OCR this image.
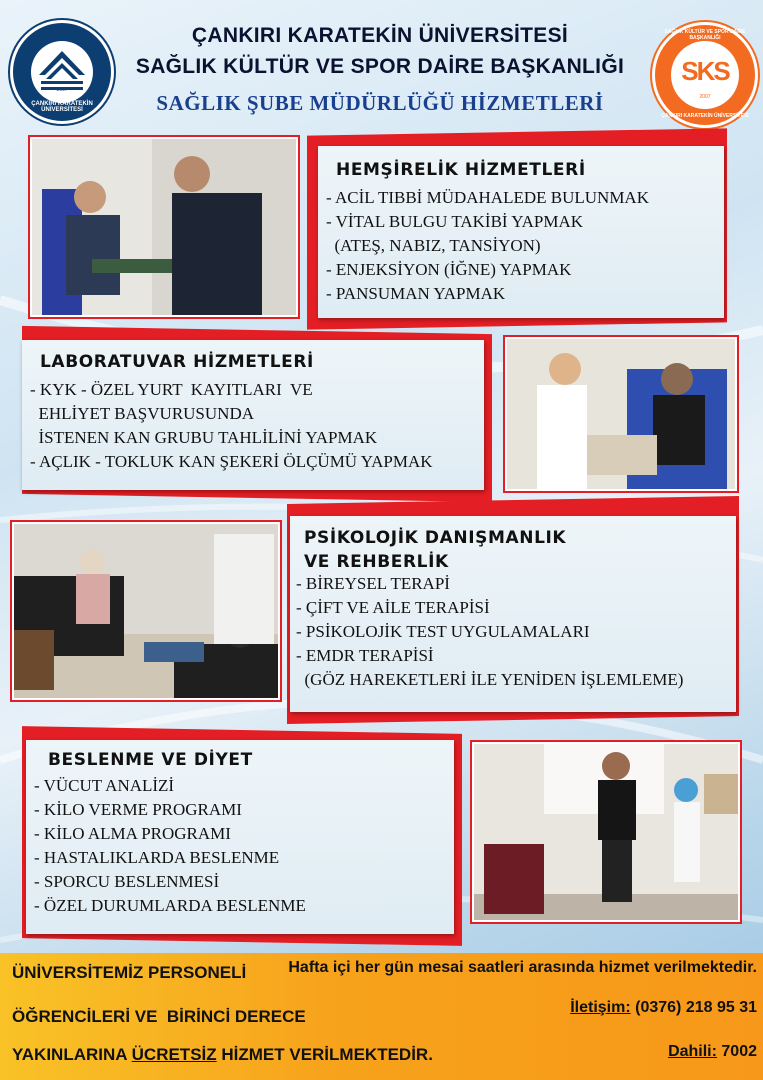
2007
ÇANKIRI KARATEKİN ÜNİVERSİTESİ
SAĞLIK KÜLTÜR VE SPOR DAİRE BAŞKANLIĞI
SKS
2007
ÇANKIRI KARATEKİN ÜNİVERSİTESİ
ÇANKIRI KARATEKİN ÜNİVERSİTESİ
SAĞLIK KÜLTÜR VE SPOR DAİRE BAŞKANLIĞI
SAĞLIK ŞUBE MÜDÜRLÜĞÜ HİZMETLERİ
HEMŞİRELİK HİZMETLERİ
- ACİL TIBBİ MÜDAHALEDE BULUNMAK
- VİTAL BULGU TAKİBİ YAPMAK
(ATEŞ, NABIZ, TANSİYON)
- ENJEKSİYON (İĞNE) YAPMAK
- PANSUMAN YAPMAK
LABORATUVAR HİZMETLERİ
- KYK - ÖZEL YURT  KAYITLARI  VE
EHLİYET BAŞVURUSUNDA
İSTENEN KAN GRUBU TAHLİLİNİ YAPMAK
- AÇLIK - TOKLUK KAN ŞEKERİ ÖLÇÜMÜ YAPMAK
PSİKOLOJİK DANIŞMANLIK
VE REHBERLİK
- BİREYSEL TERAPİ
- ÇİFT VE AİLE TERAPİSİ
- PSİKOLOJİK TEST UYGULAMALARI
- EMDR TERAPİSİ
(GÖZ HAREKETLERİ İLE YENİDEN İŞLEMLEME)
BESLENME VE DİYET
- VÜCUT ANALİZİ
- KİLO VERME PROGRAMI
- KİLO ALMA PROGRAMI
- HASTALIKLARDA BESLENME
- SPORCU BESLENMESİ
- ÖZEL DURUMLARDA BESLENME
ÜNİVERSİTEMİZ PERSONELİ
ÖĞRENCİLERİ VE  BİRİNCİ DERECE
YAKINLARINA ÜCRETSİZ HİZMET VERİLMEKTEDİR.
Hafta içi her gün mesai saatleri arasında hizmet verilmektedir.
İletişim: (0376) 218 95 31
Dahili: 7002
